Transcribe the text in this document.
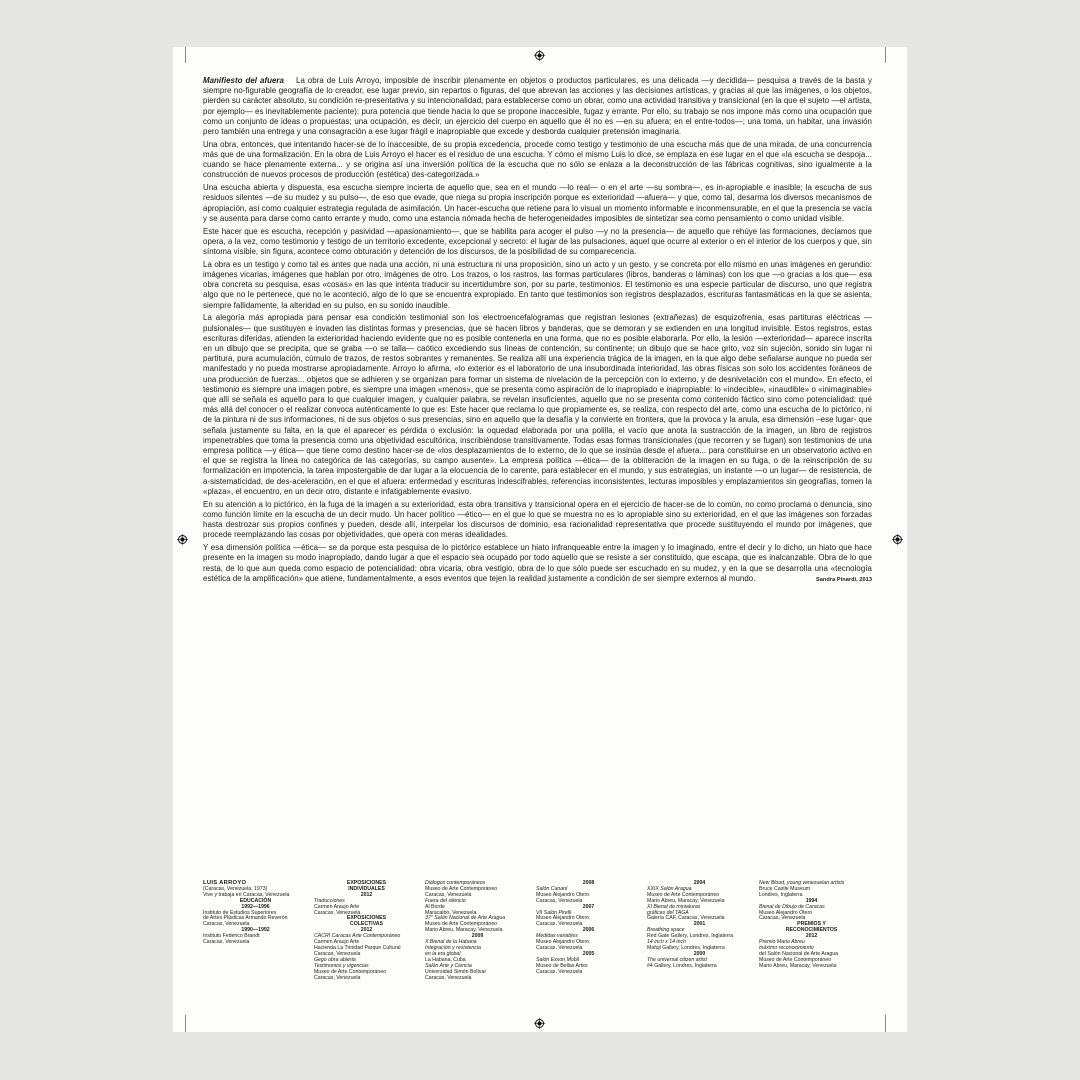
Manifiesto del afuera La obra de Luis Arroyo, imposible de inscribir plenamente en objetos o productos particulares, es una delicada —y decidida— pesquisa a través de la basta y siempre no-figurable geografía de lo creador, ese lugar previo, sin repartos o figuras, del que abrevan las acciones y las decisiones artísticas, y gracias al que las imágenes, o los objetos, pierden su carácter absoluto, su condición re-presentativa y su intencionalidad, para establecerse como un obrar, como una actividad transitiva y transicional (en la que el sujeto —el artista, por ejemplo— es inevitablemente paciente): pura potencia que tiende hacia lo que se propone inaccesible, fugaz y errante. Por ello, su trabajo se nos impone más como una ocupación que como un conjunto de ideas o propuestas; una ocupación, es decir, un ejercicio del cuerpo en aquello que él no es —en su afuera; en el entre-todos—; una toma, un habitar, una invasión pero también una entrega y una consagración a ese lugar frágil e inapropiable que excede y desborda cualquier pretensión imaginaria.

Una obra, entonces, que intentando hacer-se de lo inaccesible, de su propia excedencia, procede como testigo y testimonio de una escucha más que de una mirada, de una concurrencia más que de una formalización. En la obra de Luis Arroyo el hacer es el residuo de una escucha. Y cómo el mismo Luis lo dice, se emplaza en ese lugar en el que «la escucha se despoja... cuando se hace plenamente externa... y se origina así una inversión política de la escucha que no sólo se enlaza a la deconstrucción de las fábricas cognitivas, sino igualmente a la construcción de nuevos procesos de producción (estética) des-categorizada.»

Una escucha abierta y dispuesta, esa escucha siempre incierta de aquello que, sea en el mundo —lo real— o en el arte —su sombra—, es in-apropiable e inasible; la escucha de sus residuos silentes —de su mudez y su pulso—, de eso que evade, que niega su propia inscripción porque es exterioridad —afuera— y que, como tal, desarma los diversos mecanismos de apropiación, así como cualquier estrategia regulada de asimilación. Un hacer-escucha que retiene para lo visual un momento informable e inconmensurable, en el que la presencia se vacía y se ausenta para darse como canto errante y mudo, como una estancia nómada hecha de heterogeneidades imposibles de sintetizar sea como pensamiento o como unidad visible.

Este hacer que es escucha, recepción y pasividad —apasionamiento—, que se habilita para acoger el pulso —y no la presencia— de aquello que rehúye las formaciones, decíamos que opera, a la vez, como testimonio y testigo de un territorio excedente, excepcional y secreto: el lugar de las pulsaciones, aquel que ocurre al exterior o en el interior de los cuerpos y que, sin síntoma visible, sin figura, acontece como obturación y detención de los discursos, de la posibilidad de su comparecencia.

La obra es un testigo y como tal es antes que nada una acción, ni una estructura ni una proposición, sino un acto y un gesto, y se concreta por ello mismo en unas imágenes en gerundio: imágenes vicarias, imágenes que hablan por otro, imágenes de otro. Los trazos, o los rastros, las formas particulares (libros, banderas o láminas) con los que —o gracias a los que— esa obra concreta su pesquisa, esas «cosas» en las que intenta traducir su incertidumbre son, por su parte, testimonios. El testimonio es una especie particular de discurso, uno que registra algo que no le pertenece, que no le aconteció, algo de lo que se encuentra expropiado. En tanto que testimonios son registros desplazados, escrituras fantasmáticas en la que se asienta, siempre fallidamente, la alteridad en su pulso, en su sonido inaudible.

La alegoría más apropiada para pensar esa condición testimonial son los electroencefalogramas que registran lesiones (extrañezas) de esquizofrenia, esas partituras eléctricas —pulsionales— que sustituyen e invaden las distintas formas y presencias, que se hacen libros y banderas, que se demoran y se extienden en una longitud invisible. Estos registros, estas escrituras diferidas, atienden la exterioridad haciendo evidente que no es posible contenerla en una forma, que no es posible elaborarla. Por ello, la lesión —exterioridad— aparece inscrita en un dibujo que se precipita, que se graba —o se talla— caótico excediendo sus líneas de contención, su continente; un dibujo que se hace grito, voz sin sujeción, sonido sin lugar ni partitura, pura acumulación, cúmulo de trazos, de restos sobrantes y remanentes. Se realiza allí una experiencia trágica de la imagen, en la que algo debe señalarse aunque no pueda ser manifestado y no pueda mostrarse apropiadamente. Arroyo lo afirma, «lo exterior es el laboratorio de una insubordinada interioridad, las obras físicas son solo los accidentes foráneos de una producción de fuerzas... objetos que se adhieren y se organizan para formar un sistema de nivelación de la percepción con lo externo, y de desnivelación con el mundo». En efecto, el testimonio es siempre una imagen pobre, es siempre una imagen «menos», que se presenta como aspiración de lo inapropiado e inapropiable: lo «indecible», «inaudible» o «inimaginable» que allí se señala es aquello para lo que cualquier imagen, y cualquier palabra, se revelan insuficientes, aquello que no se presenta como contenido fáctico sino como potencialidad: qué más allá del conocer o el realizar convoca auténticamente lo que es: Este hacer que reclama lo que propiamente es, se realiza, con respecto del arte, como una escucha de lo pictórico, ni de la pintura ni de sus informaciones, ni de sus objetos o sus presencias, sino en aquello que la desafía y la convierte en frontera, que la provoca y la anula, esa dimensión –ese lugar- que señala justamente su falta, en la que el aparecer es pérdida o exclusión: la oquedad elaborada por una polilla, el vacío que anota la sustracción de la imagen, un libro de registros impenetrables que toma la presencia como una objetividad escultórica, inscribiéndose transitivamente. Todas esas formas transicionales (que recorren y se fugan) son testimonios de una empresa política —y ética— que tiene como destino hacer-se de «los desplazamientos de lo externo, de lo que se insinúa desde el afuera... para constituirse en un observatorio activo en el que se registra la línea no categórica de las categorías, su campo ausente». La empresa política —ética— de la obliteración de la imagen en su fuga, o de la reinscripción de su formalización en impotencia, la tarea impostergable de dar lugar a la elocuencia de lo carente, para establecer en el mundo, y sus estrategias, un instante —o un lugar— de resistencia, de a-sistematicidad, de des-aceleración, en el que el afuera: enfermedad y escrituras indescifrables, referencias inconsistentes, lecturas imposibles y emplazamientos sin geografías, tomen la «plaza», el encuentro, en un decir otro, distante e infatigablemente evasivo.

En su atención a lo pictórico, en la fuga de la imagen a su exterioridad, esta obra transitiva y transicional opera en el ejercicio de hacer-se de lo común, no como proclama o denuncia, sino como función límite en la escucha de un decir mudo. Un hacer político —ético— en el que lo que se muestra no es lo apropiable sino su exterioridad, en el que las imágenes son forzadas hasta destrozar sus propios confines y pueden, desde allí, interpelar los discursos de dominio, esa racionalidad representativa que procede sustituyendo el mundo por imágenes, que procede reemplazando las cosas por objetividades, que opera con meras idealidades.

Y esa dimensión política —ética— se da porque esta pesquisa de lo pictórico establece un hiato infranqueable entre la imagen y lo imaginado, entre el decir y lo dicho, un hiato que hace presente en la imagen su modo inapropiado, dando lugar a que el espacio sea ocupado por todo aquello que se resiste a ser constituido, que escapa, que es inalcanzable. Obra de lo que resta, de lo que aun queda como espacio de potencialidad: obra vicaria, obra vestigio, obra de lo que sólo puede ser escuchado en su mudez, y en la que se desarrolla una «tecnología estética de la amplificación» que atiene, fundamentalmente, a esos eventos que tejen la realidad justamente a condición de ser siempre externos al mundo.	Sandra Pinardi, 2013

LUIS ARROYO
(Caracas, Venezuela, 1973)
Vive y trabaja en Caracas, Venezuela
EDUCACIÓN
1992—1996
Instituto de Estudios Superiores
de Artes Plásticas Armando Reverón
Caracas, Venezuela
1990—1992
Instituto Federico Brandt
Caracas, Venezuela
EXPOSICIONES
INDIVIDUALES
2012
Traducciones
Carmen Araujo Arte
Caracas, Venezuela
EXPOSICIONES
COLECTIVAS
2012
CACRI Caracas Arte Contemporáneo
Carmen Araujo Arte
Hacienda La Trinidad Parque Cultural
Caracas, Venezuela
Gego obra abierta
Testimonios y vigencias
Museo de Arte Contemporáneo
Caracas, Venezuela
Diálogos contemporáneos
Museo de Arte Contemporáneo
Caracas, Venezuela
Fuera del silencio
Al Borde
Maracaibo, Venezuela
37° Salón Nacional de Arte Aragua
Museo de Arte Contemporáneo
Mario Abreu, Maracay, Venezuela
2009
X Bienal de la Habana
Integración y resistencia
en la era global
La Habana, Cuba
Salón Arte y Ciencia
Universidad Simón Bolívar
Caracas, Venezuela
2008
Salón Cananí
Museo Alejandro Otero
Caracas, Venezuela
2007
VII Salón Pirelli
Museo Alejandro Otero
Caracas, Venezuela
2006
Medidas variables
Museo Alejandro Otero
Caracas, Venezuela
2005
Salón Exxon Mobil
Museo de Bellas Artes
Caracas, Venezuela
2004
XXIX Salón Aragua
Museo de Arte Contemporáneo
Mario Abreu, Maracay, Venezuela
XI Bienal de miniaturas
gráficas del TAGA
Galería CAF, Caracas, Venezuela
2001
Breathing space
Red Gate Gallery, Londres, Inglaterra
14 inch x 14 inch
Mafuji Gallery, Londres, Inglaterra
2000
The universal citizen artist
#4 Gallery, Londres, Inglaterra
New Blood, young venezuelan artists
Bruce Castle Museum
Londres, Inglaterra
1994
Bienal de Dibujo de Caracas
Museo Alejandro Otero
Caracas, Venezuela
PREMIOS Y
RECONOCIMIENTOS
2012
Premio Mario Abreu
máximo reconocimiento
del Salón Nacional de Arte Aragua
Museo de Arte Contemporáneo
Mario Abreu, Maracay, Venezuela
